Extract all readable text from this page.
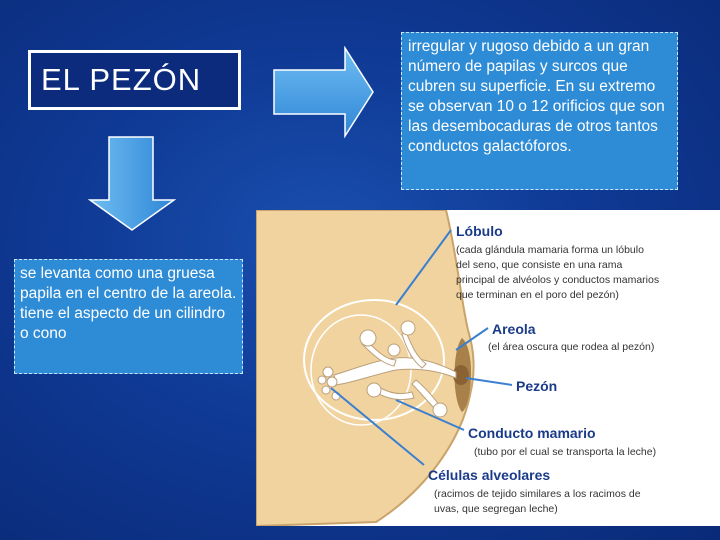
EL PEZÓN
irregular y rugoso debido a un gran número de papilas y surcos que cubren su superficie. En su extremo se observan 10 o 12 orificios que son las desembocaduras de otros tantos conductos galactóforos.
se levanta como una gruesa papila en el centro de la areola. tiene el aspecto de un cilindro o cono
Lóbulo
(cada glándula mamaria forma un lóbulo
del seno, que consiste en una rama
principal de alvéolos y conductos mamarios
que terminan en el poro del pezón)
Areola
(el área oscura que rodea al pezón)
Pezón
Conducto mamario
(tubo por el cual se transporta la leche)
Células alveolares
(racimos de tejido similares a los racimos de
uvas, que segregan leche)
